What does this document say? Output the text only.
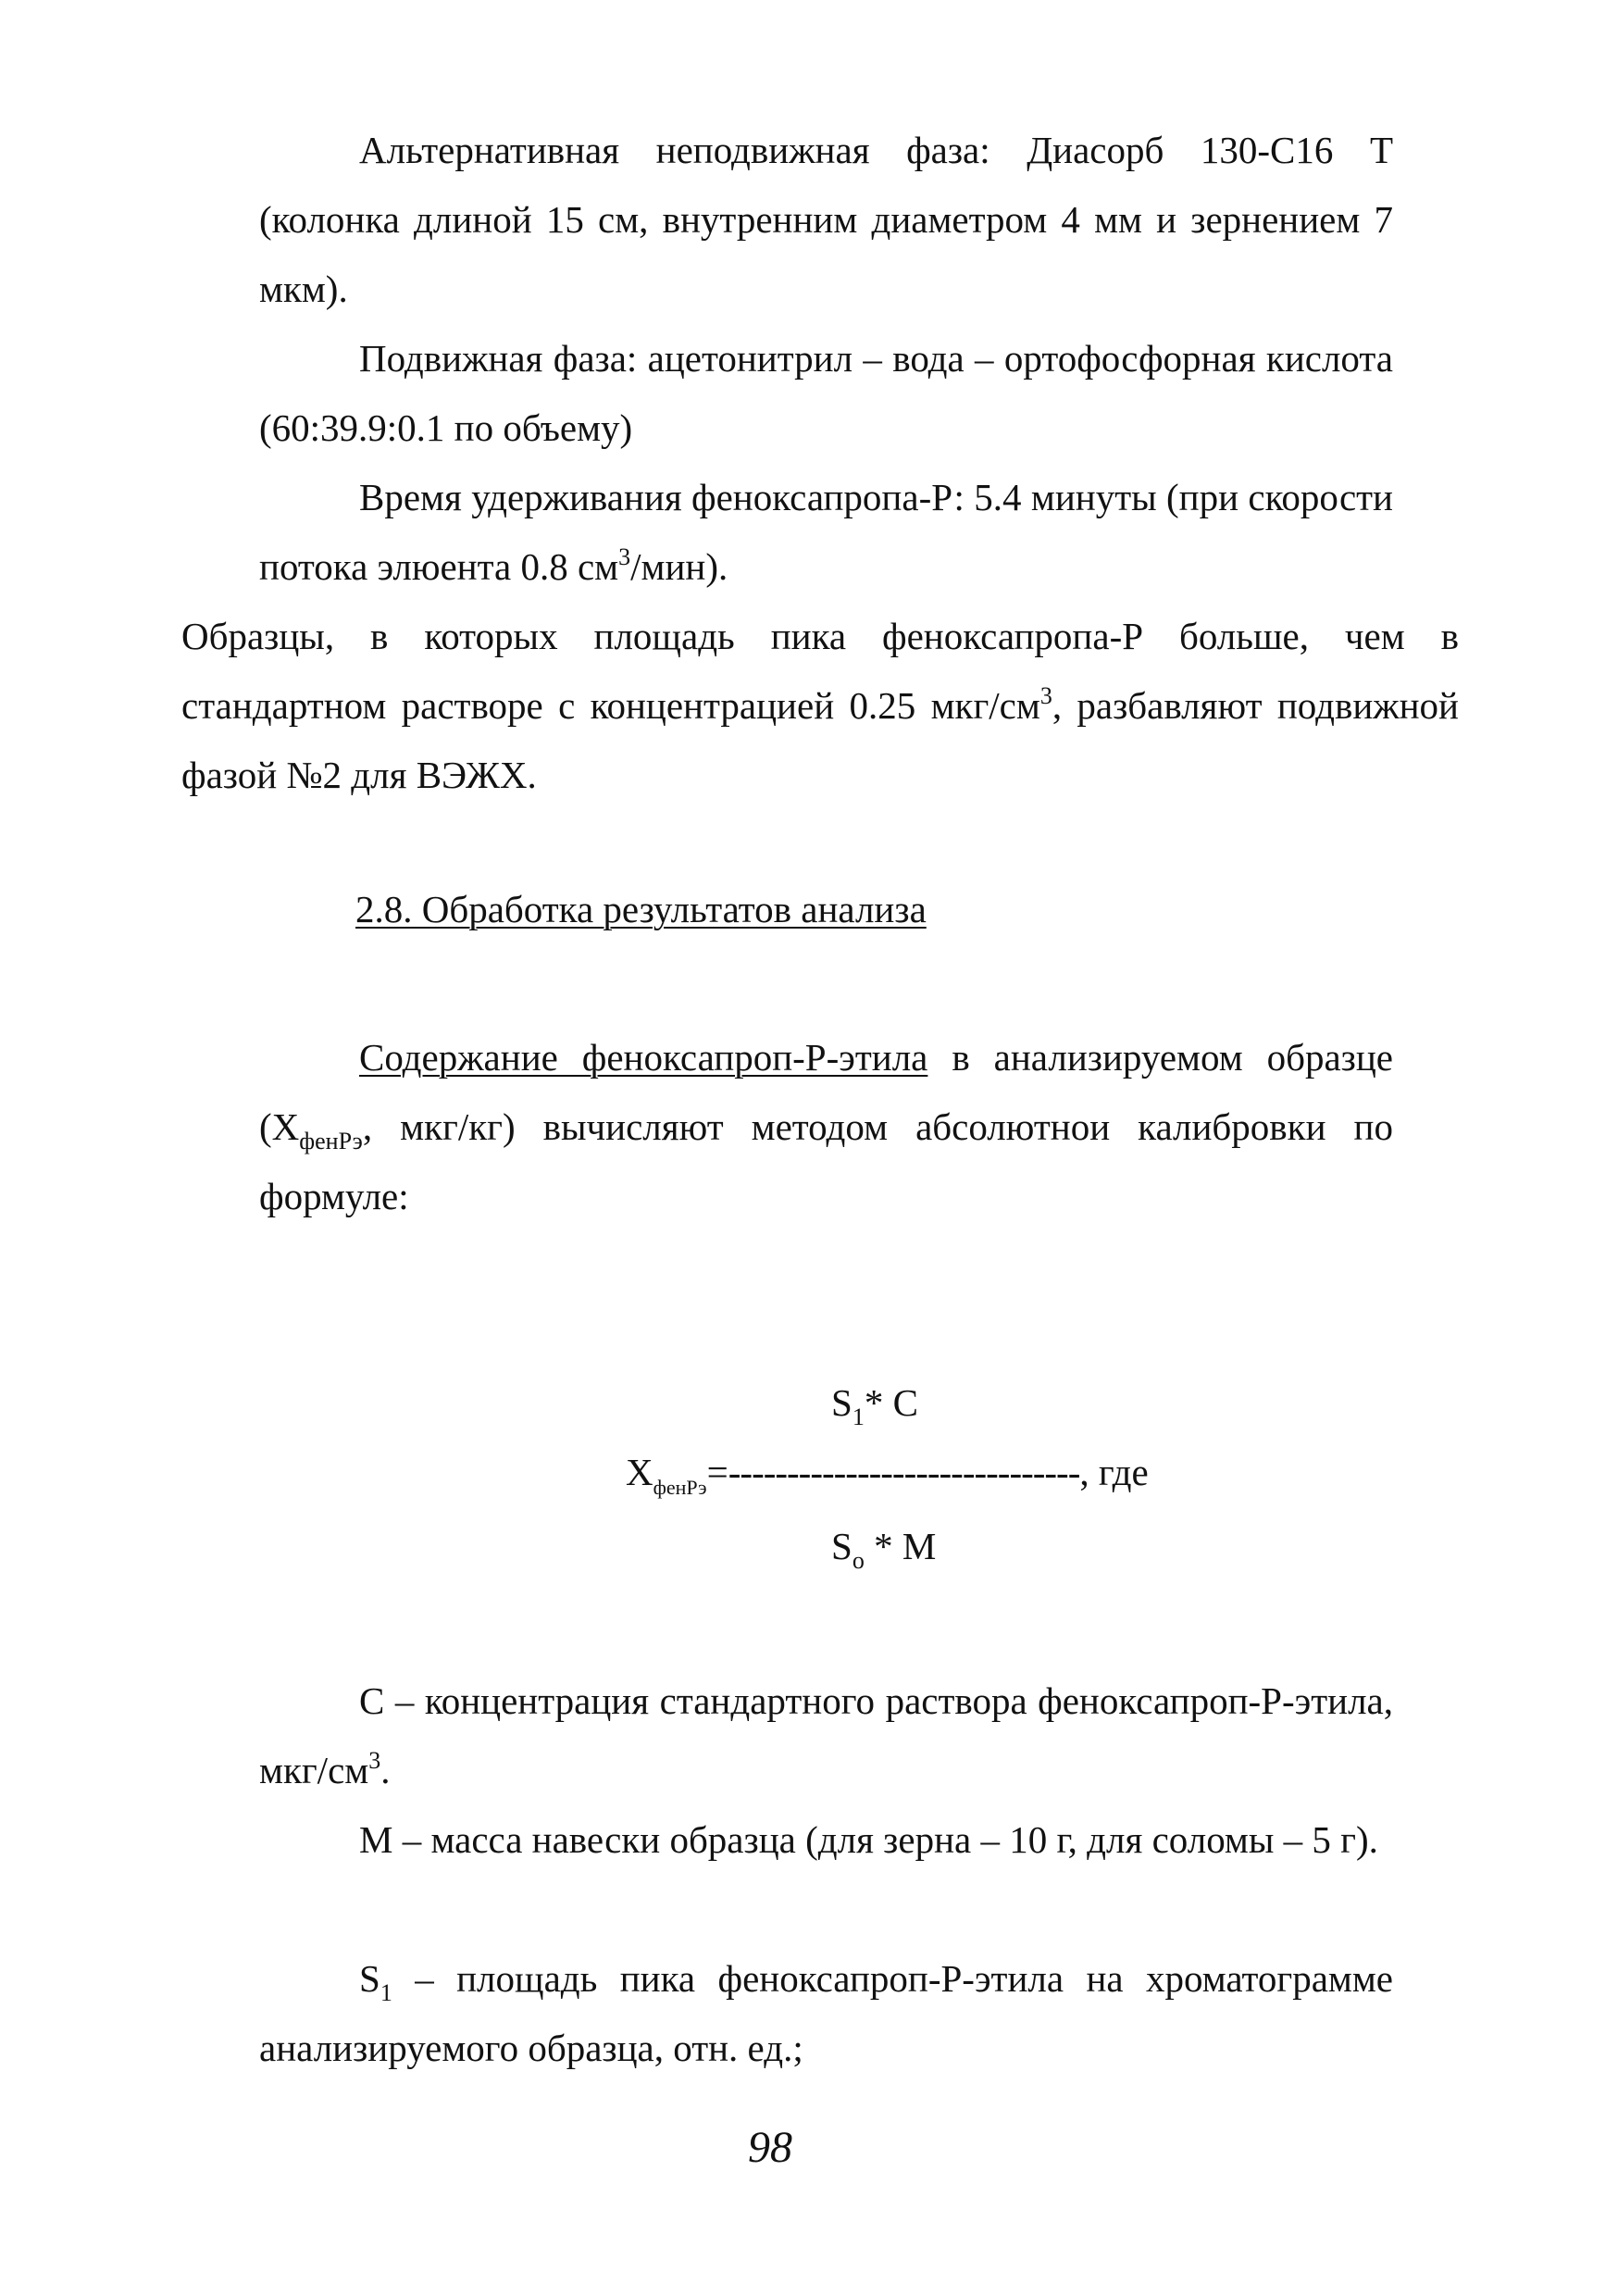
Альтернативная неподвижная фаза: Диасорб 130-С16 Т (колонка длиной 15 см, внутренним диаметром 4 мм и зернением 7 мкм).

Подвижная фаза: ацетонитрил – вода – ортофосфорная кислота (60:39.9:0.1 по объему)

Время удерживания феноксапропа-Р: 5.4 минуты (при скорости потока элюента 0.8 $см^3/мин$).

Образцы, в которых площадь пика феноксапропа-Р больше, чем в стандартном растворе с концентрацией 0.25 мкг/$см^3$, разбавляют подвижной фазой №2 для ВЭЖХ.

2.8. Обработка результатов анализа

Содержание феноксапроп-Р-этила в анализируемом образце ($Х_{фенРэ}$, мкг/кг) вычисляют методом абсолютнои калибровки по формуле:

$S_1*$ С
$Х_{фенРэ}=------------------------------$, где
$S_o$ * М

С – концентрация стандартного раствора феноксапроп-Р-этила, мкг/$см^3$.

М – масса навески образца (для зерна – 10 г, для соломы – 5 г).

$S_1$ – площадь пика феноксапроп-Р-этила на хроматограмме анализируемого образца, отн. ед.;

98
